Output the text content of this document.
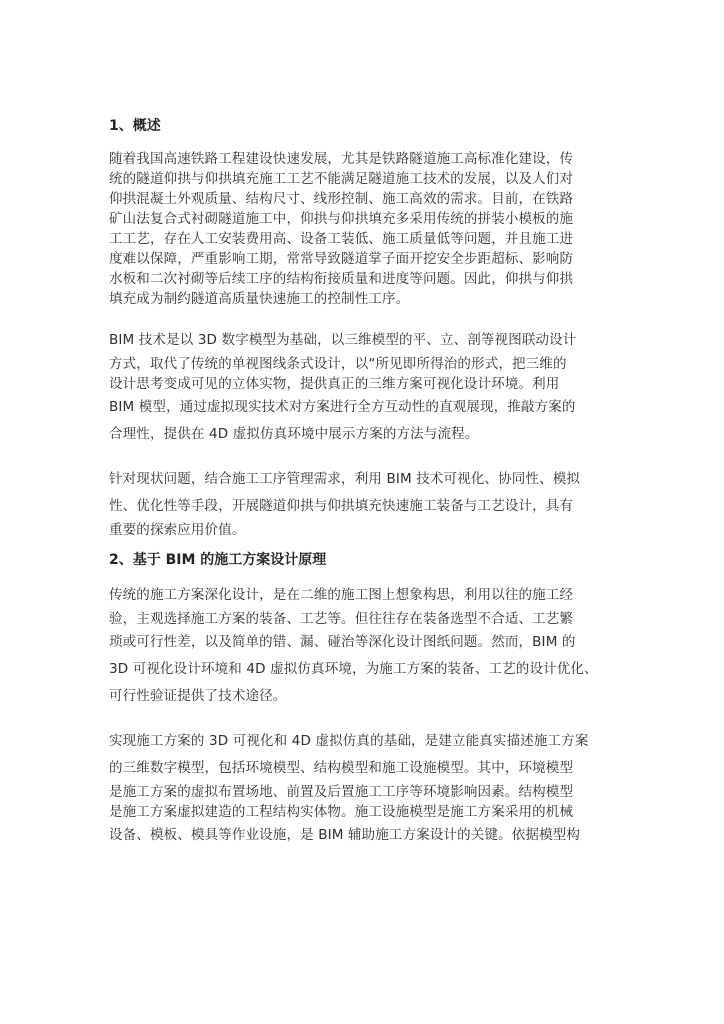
1、概述
随着我国高速铁路工程建设快速发展，尤其是铁路隧道施工高标准化建设，传
统的隧道仰拱与仰拱填充施工工艺不能满足隧道施工技术的发展，以及人们对
仰拱混凝土外观质量、结构尺寸、线形控制、施工高效的需求。目前，在铁路
矿山法复合式衬砌隧道施工中，仰拱与仰拱填充多采用传统的拼装小模板的施
工工艺，存在人工安装费用高、设备工装低、施工质量低等问题，并且施工进
度难以保障，严重影响工期，常常导致隧道掌子面开挖安全步距超标、影响防
水板和二次衬砌等后续工序的结构衔接质量和进度等问题。因此，仰拱与仰拱
填充成为制约隧道高质量快速施工的控制性工序。
BIM 技术是以 3D 数字模型为基础，以三维模型的平、立、剖等视图联动设计
方式，取代了传统的单视图线条式设计，以“所见即所得治的形式，把三维的
设计思考变成可见的立体实物，提供真正的三维方案可视化设计环境。利用
BIM 模型，通过虚拟现实技术对方案进行全方互动性的直观展现，推敲方案的
合理性，提供在 4D 虚拟仿真环境中展示方案的方法与流程。
针对现状问题，结合施工工序管理需求，利用 BIM 技术可视化、协同性、模拟
性、优化性等手段，开展隧道仰拱与仰拱填充快速施工装备与工艺设计，具有
重要的探索应用价值。
2、基于 BIM 的施工方案设计原理
传统的施工方案深化设计，是在二维的施工图上想象构思，利用以往的施工经
验，主观选择施工方案的装备、工艺等。但往往存在装备选型不合适、工艺繁
琐或可行性差，以及简单的错、漏、碰治等深化设计图纸问题。然而，BIM 的
3D 可视化设计环境和 4D 虚拟仿真环境，为施工方案的装备、工艺的设计优化、
可行性验证提供了技术途径。
实现施工方案的 3D 可视化和 4D 虚拟仿真的基础，是建立能真实描述施工方案
的三维数字模型，包括环境模型、结构模型和施工设施模型。其中，环境模型
是施工方案的虚拟布置场地、前置及后置施工工序等环境影响因素。结构模型
是施工方案虚拟建造的工程结构实体物。施工设施模型是施工方案采用的机械
设备、模板、模具等作业设施，是 BIM 辅助施工方案设计的关键。依据模型构
